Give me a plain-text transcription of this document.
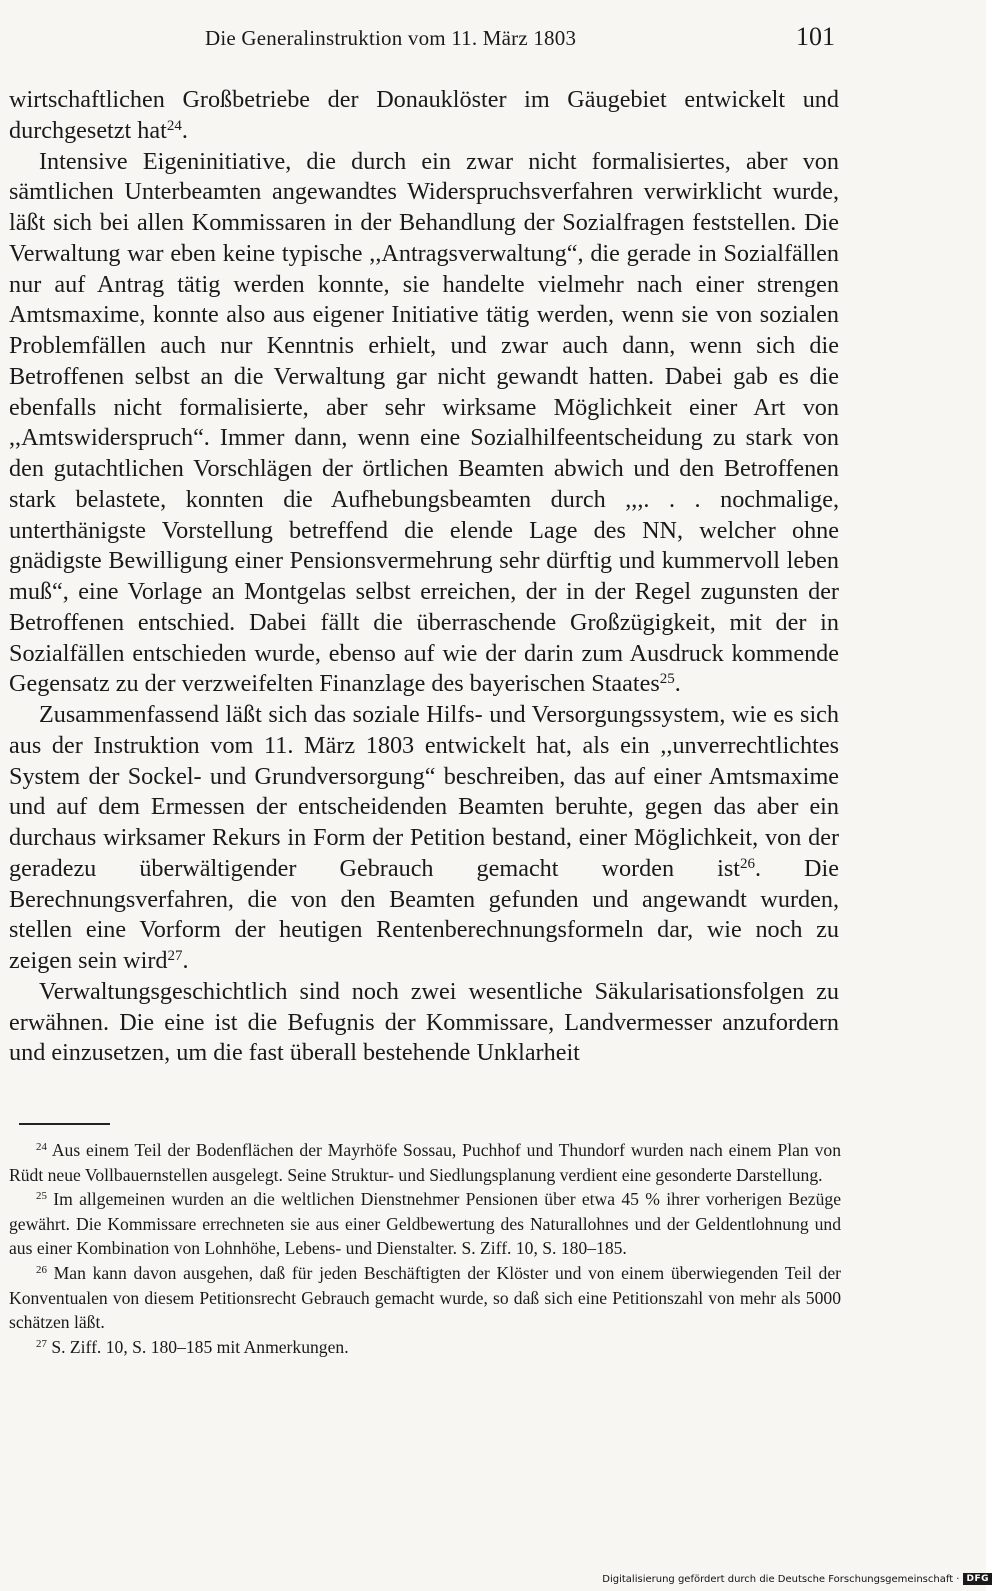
Die Generalinstruktion vom 11. März 1803	101

wirtschaftlichen Großbetriebe der Donauklöster im Gäugebiet entwickelt und durchgesetzt hat$^{24}$.

Intensive Eigeninitiative, die durch ein zwar nicht formalisiertes, aber von sämtlichen Unterbeamten angewandtes Widerspruchsverfahren verwirklicht wurde, läßt sich bei allen Kommissaren in der Behandlung der Sozialfragen feststellen. Die Verwaltung war eben keine typische ,,Antragsverwaltung“, die gerade in Sozialfällen nur auf Antrag tätig werden konnte, sie handelte vielmehr nach einer strengen Amtsmaxime, konnte also aus eigener Initiative tätig werden, wenn sie von sozialen Problemfällen auch nur Kenntnis erhielt, und zwar auch dann, wenn sich die Betroffenen selbst an die Verwaltung gar nicht gewandt hatten. Dabei gab es die ebenfalls nicht formalisierte, aber sehr wirksame Möglichkeit einer Art von ,,Amtswiderspruch“. Immer dann, wenn eine Sozialhilfeentscheidung zu stark von den gutachtlichen Vorschlägen der örtlichen Beamten abwich und den Betroffenen stark belastete, konnten die Aufhebungsbeamten durch ,,,. . . nochmalige, unterthänigste Vorstellung betreffend die elende Lage des NN, welcher ohne gnädigste Bewilligung einer Pensionsvermehrung sehr dürftig und kummervoll leben muß“, eine Vorlage an Montgelas selbst erreichen, der in der Regel zugunsten der Betroffenen entschied. Dabei fällt die überraschende Großzügigkeit, mit der in Sozialfällen entschieden wurde, ebenso auf wie der darin zum Ausdruck kommende Gegensatz zu der verzweifelten Finanzlage des bayerischen Staates$^{25}$.

Zusammenfassend läßt sich das soziale Hilfs- und Versorgungssystem, wie es sich aus der Instruktion vom 11. März 1803 entwickelt hat, als ein ,,unverrechtlichtes System der Sockel- und Grundversorgung“ beschreiben, das auf einer Amtsmaxime und auf dem Ermessen der entscheidenden Beamten beruhte, gegen das aber ein durchaus wirksamer Rekurs in Form der Petition bestand, einer Möglichkeit, von der geradezu überwältigender Gebrauch gemacht worden ist$^{26}$. Die Berechnungsverfahren, die von den Beamten gefunden und angewandt wurden, stellen eine Vorform der heutigen Rentenberechnungsformeln dar, wie noch zu zeigen sein wird$^{27}$.

Verwaltungsgeschichtlich sind noch zwei wesentliche Säkularisationsfolgen zu erwähnen. Die eine ist die Befugnis der Kommissare, Landvermesser anzufordern und einzusetzen, um die fast überall bestehende Unklarheit

$^{24}$ Aus einem Teil der Bodenflächen der Mayrhöfe Sossau, Puchhof und Thundorf wurden nach einem Plan von Rüdt neue Vollbauernstellen ausgelegt. Seine Struktur- und Siedlungsplanung verdient eine gesonderte Darstellung.

$^{25}$ Im allgemeinen wurden an die weltlichen Dienstnehmer Pensionen über etwa 45 % ihrer vorherigen Bezüge gewährt. Die Kommissare errechneten sie aus einer Geldbewertung des Naturallohnes und der Geldentlohnung und aus einer Kombination von Lohnhöhe, Lebens- und Dienstalter. S. Ziff. 10, S. 180–185.

$^{26}$ Man kann davon ausgehen, daß für jeden Beschäftigten der Klöster und von einem überwiegenden Teil der Konventualen von diesem Petitionsrecht Gebrauch gemacht wurde, so daß sich eine Petitionszahl von mehr als 5000 schätzen läßt.

$^{27}$ S. Ziff. 10, S. 180–185 mit Anmerkungen.

Digitalisierung gefördert durch die Deutsche Forschungsgemeinschaft · DFG
